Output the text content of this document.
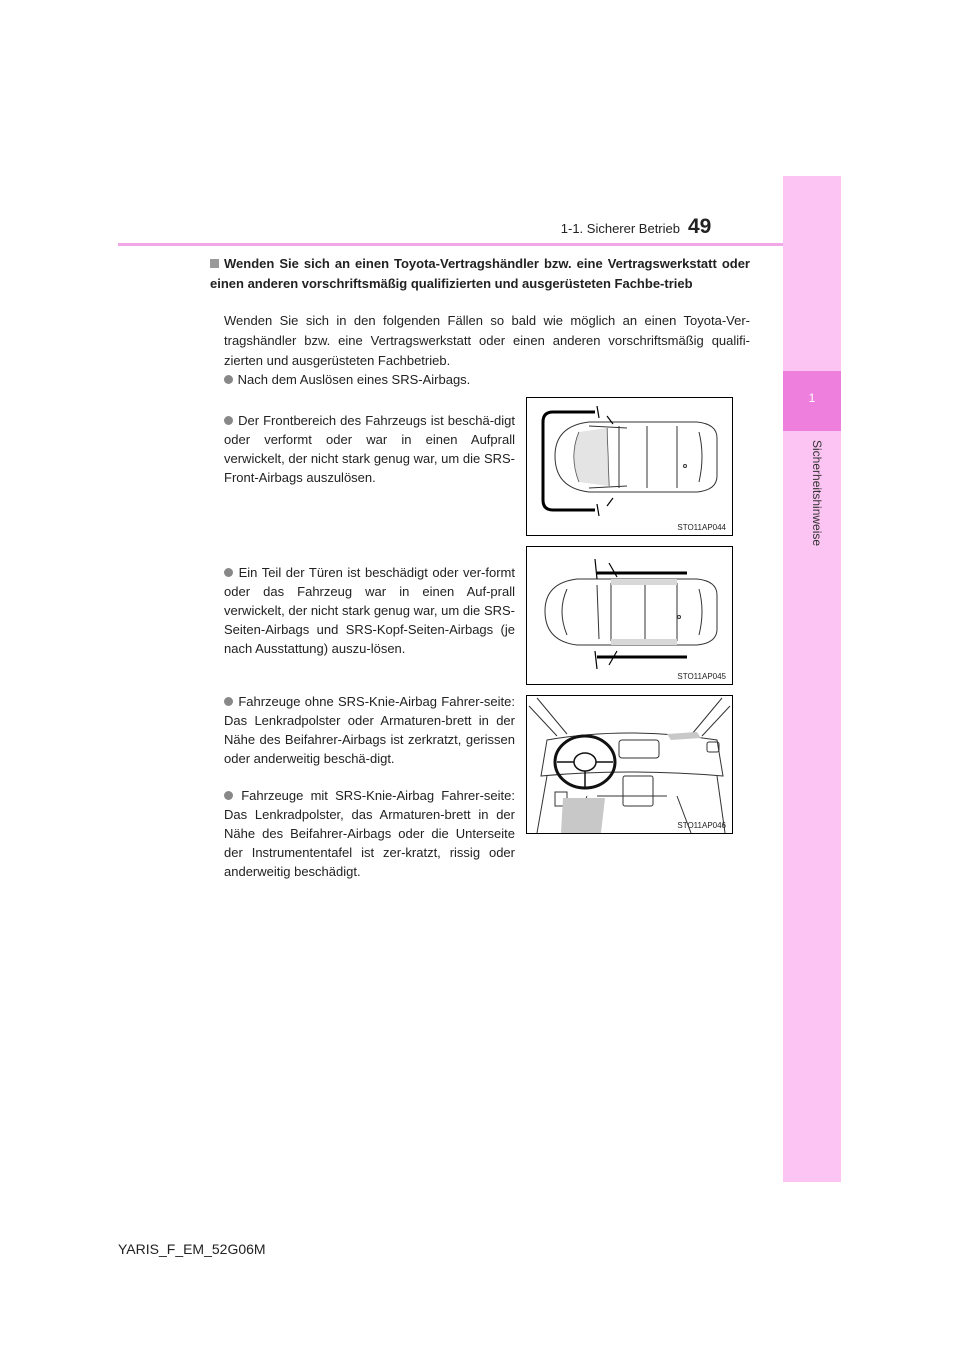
1
Sicherheitshinweise
1-1. Sicherer Betrieb 49
Wenden Sie sich an einen Toyota-Vertragshändler bzw. eine Vertragswerkstatt oder einen anderen vorschriftsmäßig qualifizierten und ausgerüsteten Fachbe-trieb
Wenden Sie sich in den folgenden Fällen so bald wie möglich an einen Toyota-Ver-tragshändler bzw. eine Vertragswerkstatt oder einen anderen vorschriftsmäßig qualifi-zierten und ausgerüsteten Fachbetrieb.
Nach dem Auslösen eines SRS-Airbags.
Der Frontbereich des Fahrzeugs ist beschä-digt oder verformt oder war in einen Aufprall verwickelt, der nicht stark genug war, um die SRS-Front-Airbags auszulösen.
Ein Teil der Türen ist beschädigt oder ver-formt oder das Fahrzeug war in einen Auf-prall verwickelt, der nicht stark genug war, um die SRS-Seiten-Airbags und SRS-Kopf-Seiten-Airbags (je nach Ausstattung) auszu-lösen.
Fahrzeuge ohne SRS-Knie-Airbag Fahrer-seite: Das Lenkradpolster oder Armaturen-brett in der Nähe des Beifahrer-Airbags ist zerkratzt, gerissen oder anderweitig beschä-digt.
Fahrzeuge mit SRS-Knie-Airbag Fahrer-seite: Das Lenkradpolster, das Armaturen-brett in der Nähe des Beifahrer-Airbags oder die Unterseite der Instrumententafel ist zer-kratzt, rissig oder anderweitig beschädigt.
STO11AP044
STO11AP045
STO11AP046
YARIS_F_EM_52G06M
